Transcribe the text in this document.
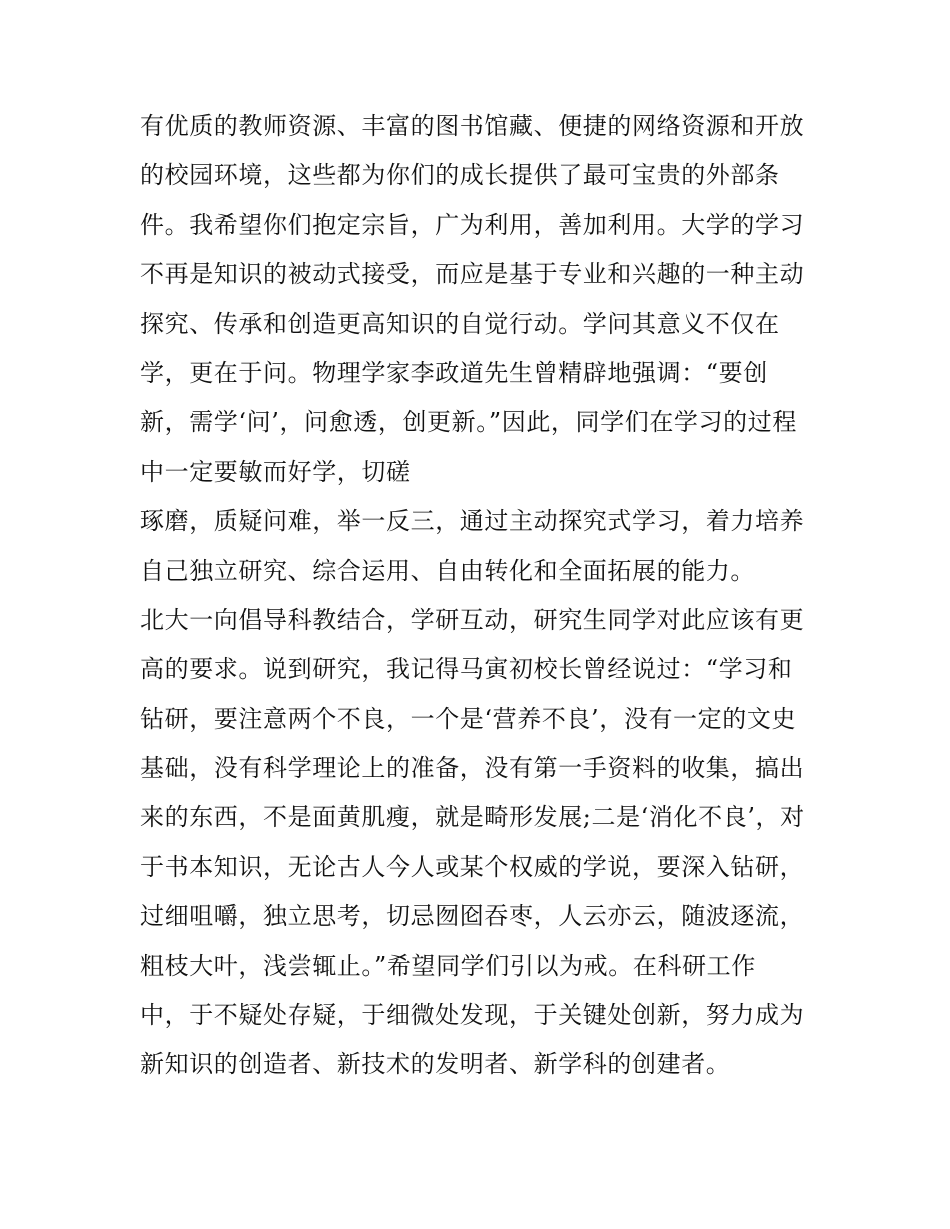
有优质的教师资源、丰富的图书馆藏、便捷的网络资源和开放
的校园环境，这些都为你们的成长提供了最可宝贵的外部条
件。我希望你们抱定宗旨，广为利用，善加利用。大学的学习
不再是知识的被动式接受，而应是基于专业和兴趣的一种主动
探究、传承和创造更高知识的自觉行动。学问其意义不仅在
学，更在于问。物理学家李政道先生曾精辟地强调：“要创
新，需学‘问’，问愈透，创更新。”因此，同学们在学习的过程
中一定要敏而好学，切磋
琢磨，质疑问难，举一反三，通过主动探究式学习，着力培养
自己独立研究、综合运用、自由转化和全面拓展的能力。
北大一向倡导科教结合，学研互动，研究生同学对此应该有更
高的要求。说到研究，我记得马寅初校长曾经说过：“学习和
钻研，要注意两个不良，一个是‘营养不良’，没有一定的文史
基础，没有科学理论上的准备，没有第一手资料的收集，搞出
来的东西，不是面黄肌瘦，就是畸形发展;二是‘消化不良’，对
于书本知识，无论古人今人或某个权威的学说，要深入钻研，
过细咀嚼，独立思考，切忌囫囵吞枣，人云亦云，随波逐流，
粗枝大叶，浅尝辄止。”希望同学们引以为戒。在科研工作
中，于不疑处存疑，于细微处发现，于关键处创新，努力成为
新知识的创造者、新技术的发明者、新学科的创建者。
